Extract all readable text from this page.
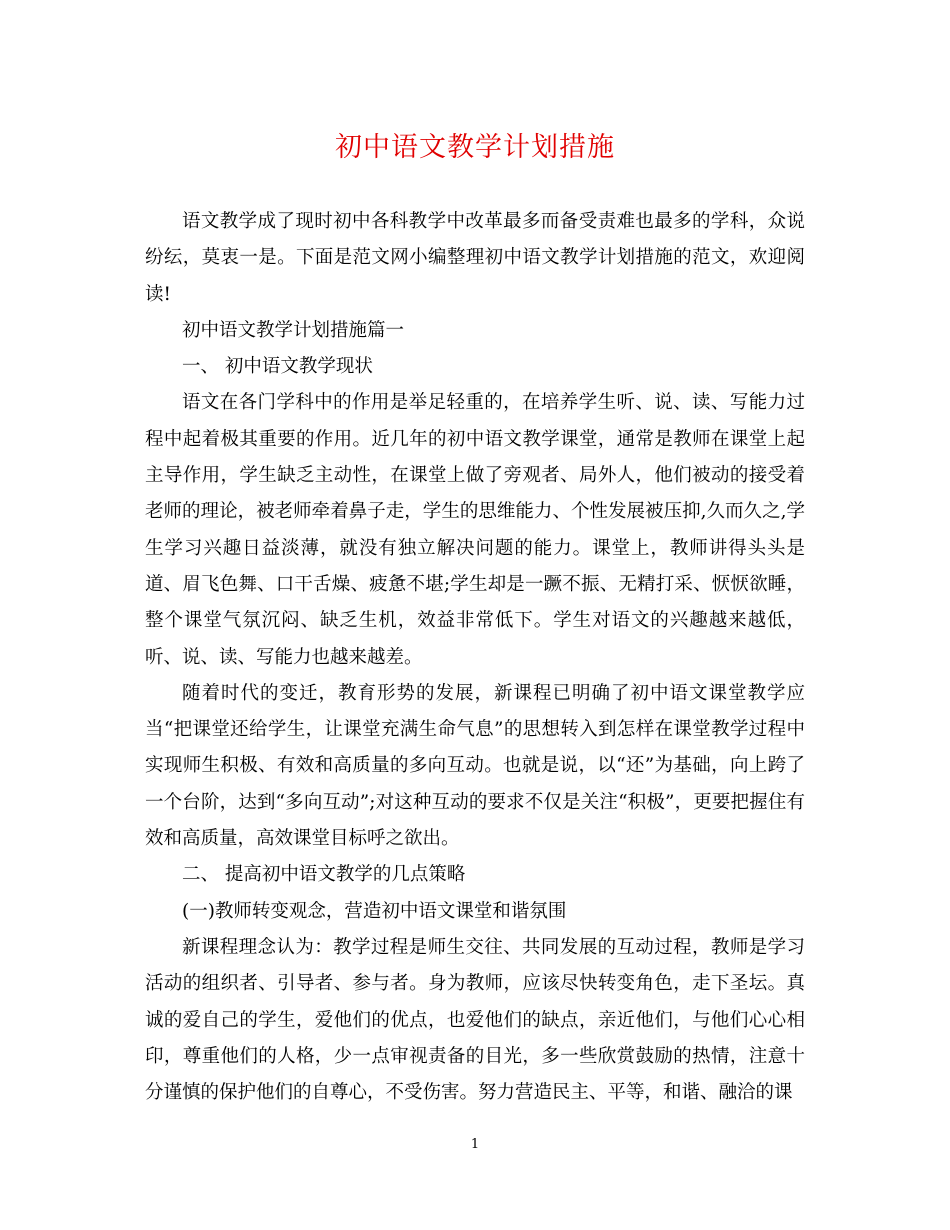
初中语文教学计划措施

语文教学成了现时初中各科教学中改革最多而备受责难也最多的学科，众说纷纭，莫衷一是。下面是范文网小编整理初中语文教学计划措施的范文，欢迎阅读!

初中语文教学计划措施篇一

一、 初中语文教学现状

语文在各门学科中的作用是举足轻重的，在培养学生听、说、读、写能力过程中起着极其重要的作用。近几年的初中语文教学课堂，通常是教师在课堂上起主导作用，学生缺乏主动性，在课堂上做了旁观者、局外人，他们被动的接受着老师的理论，被老师牵着鼻子走，学生的思维能力、个性发展被压抑,久而久之,学生学习兴趣日益淡薄，就没有独立解决问题的能力。课堂上，教师讲得头头是道、眉飞色舞、口干舌燥、疲惫不堪;学生却是一蹶不振、无精打采、恹恹欲睡，整个课堂气氛沉闷、缺乏生机，效益非常低下。学生对语文的兴趣越来越低，听、说、读、写能力也越来越差。

随着时代的变迁，教育形势的发展，新课程已明确了初中语文课堂教学应当“把课堂还给学生，让课堂充满生命气息”的思想转入到怎样在课堂教学过程中实现师生积极、有效和高质量的多向互动。也就是说，以“还”为基础，向上跨了一个台阶，达到“多向互动”;对这种互动的要求不仅是关注“积极”，更要把握住有效和高质量，高效课堂目标呼之欲出。

二、 提高初中语文教学的几点策略

(一)教师转变观念，营造初中语文课堂和谐氛围

新课程理念认为：教学过程是师生交往、共同发展的互动过程，教师是学习活动的组织者、引导者、参与者。身为教师，应该尽快转变角色，走下圣坛。真诚的爱自己的学生，爱他们的优点，也爱他们的缺点，亲近他们，与他们心心相印，尊重他们的人格，少一点审视责备的目光，多一些欣赏鼓励的热情，注意十分谨慎的保护他们的自尊心，不受伤害。努力营造民主、平等，和谐、融洽的课

1
